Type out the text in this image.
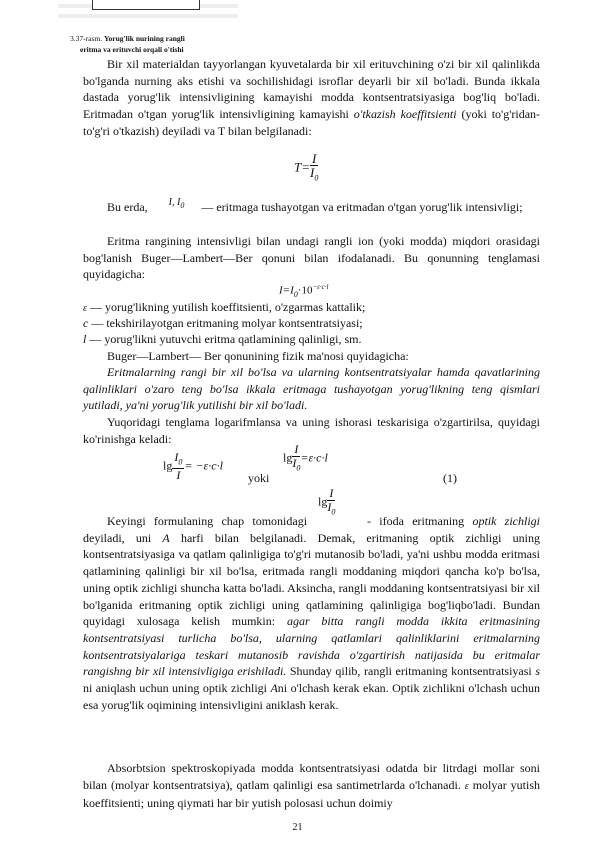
3.37-rasm. Yorug'lik nurining rangli
eritma va erituvchi orqali o'tishi

Bir xil materialdan tayyorlangan kyuvetalarda bir xil erituvchining o'zi bir xil qalinlikda bo'lganda nurning aks etishi va sochilishidagi isroflar deyarli bir xil bo'ladi. Bunda ikkala dastada yorug'lik intensivligining kamayishi modda kontsentratsiyasiga bog'liq bo'ladi. Eritmadan o'tgan yorug'lik intensivligining kamayishi o'tkazish koeffitsienti (yoki to'g'ridan-to'g'ri o'tkazish) deyiladi va T bilan belgilanadi:

$T= \frac{I}{I_0}$
Bu erda, $^{I, I_0}$ — eritmaga tushayotgan va eritmadan o'tgan yorug'lik intensivligi;

Eritma rangining intensivligi bilan undagi rangli ion (yoki modda) miqdori orasidagi bog'lanish Buger—Lambert—Ber qonuni bilan ifodalanadi. Bu qonunning tenglamasi quyidagicha:

$I=I_0\cdot 10^{-\varepsilon\cdot c\cdot l}$
ε — yorug'likning yutilish koeffitsienti, o'zgarmas kattalik;
c — tekshirilayotgan eritmaning molyar kontsentratsiyasi;
l — yorug'likni yutuvchi eritma qatlamining qalinligi, sm.
Buger—Lambert— Ber qonunining fizik ma'nosi quyidagicha:

Eritmalarning rangi bir xil bo'lsa va ularning kontsentratsiyalar hamda qavatlarining qalinliklari o'zaro teng bo'lsa ikkala eritmaga tushayotgan yorug'likning teng qismlari yutiladi, ya'ni yorug'lik yutilishi bir xil bo'ladi.

Yuqoridagi tenglama logarifmlansa va uning ishorasi teskarisiga o'zgartirilsa, quyidagi ko'rinishga keladi:

$\lg \frac{I_0}{I} = -\varepsilon\cdot c\cdot l$
yoki
$\lg \frac{I}{I_0} =\varepsilon\cdot c\cdot l$
(1)
$\lg \frac{I}{I_0}$

Keyingi formulaning chap tomonidagi	- ifoda eritmaning optik zichligi deyiladi, uni A harfi bilan belgilanadi. Demak, eritmaning optik zichligi uning kontsentratsiyasiga va qatlam qalinligiga to'g'ri mutanosib bo'ladi, ya'ni ushbu modda eritmasi qatlamining qalinligi bir xil bo'lsa, eritmada rangli moddaning miqdori qancha ko'p bo'lsa, uning optik zichligi shuncha katta bo'ladi. Aksincha, rangli moddaning kontsentratsiyasi bir xil bo'lganida eritmaning optik zichligi uning qatlamining qalinligiga bog'liqbo'ladi. Bundan quyidagi xulosaga kelish mumkin: agar bitta rangli modda ikkita eritmasining kontsentratsiyasi turlicha bo'lsa, ularning qatlamlari qalinliklarini eritmalarning kontsentratsiyalariga teskari mutanosib ravishda o'zgartirish natijasida bu eritmalar rangishng bir xil intensivligiga erishiladi. Shunday qilib, rangli eritmaning kontsentratsiyasi s ni aniqlash uchun uning optik zichligi Ani o'lchash kerak ekan. Optik zichlikni o'lchash uchun esa yorug'lik oqimining intensivligini aniklash kerak.

Absorbtsion spektroskopiyada modda kontsentratsiyasi odatda bir litrdagi mollar soni bilan (molyar kontsentratsiya), qatlam qalinligi esa santimetrlarda o'lchanadi. ε molyar yutish koeffitsienti; uning qiymati har bir yutish polosasi uchun doimiy

21
